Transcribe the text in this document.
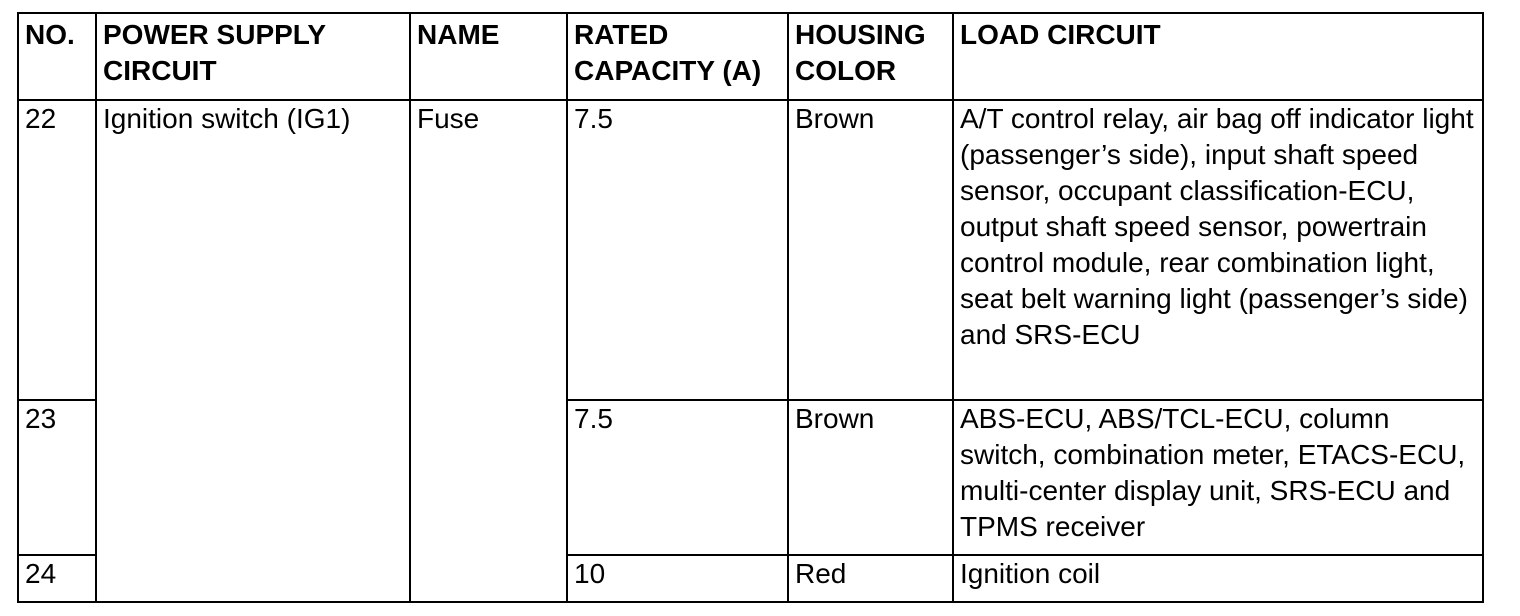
NO.	POWER SUPPLY CIRCUIT	NAME	RATED CAPACITY (A)	HOUSING COLOR	LOAD CIRCUIT
22	Ignition switch (IG1)	Fuse	7.5	Brown	A/T control relay, air bag off indicator light (passenger’s side), input shaft speed sensor, occupant classification-ECU, output shaft speed sensor, powertrain control module, rear combination light, seat belt warning light (passenger’s side) and SRS-ECU
23			7.5	Brown	ABS-ECU, ABS/TCL-ECU, column switch, combination meter, ETACS-ECU, multi-center display unit, SRS-ECU and TPMS receiver
24			10	Red	Ignition coil
